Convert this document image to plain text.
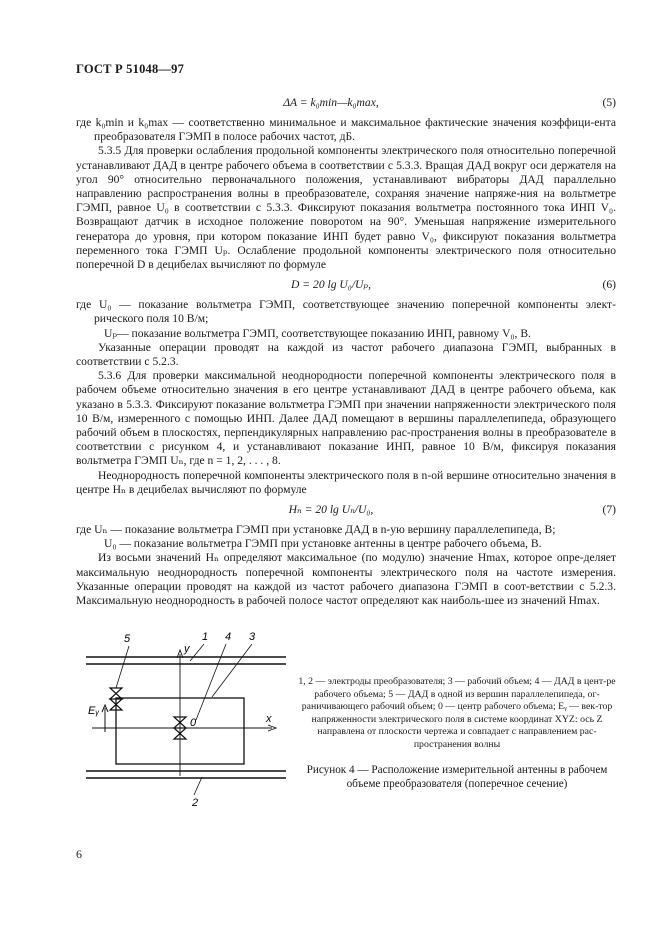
ГОСТ Р 51048—97
ΔA = k₀min—k₀max,	(5)

где k₀min и k₀max — соответственно минимальное и максимальное фактические значения коэффици-ента преобразователя ГЭМП в полосе рабочих частот, дБ.

5.3.5 Для проверки ослабления продольной компоненты электрического поля относительно поперечной устанавливают ДАД в центре рабочего объема в соответствии с 5.3.3. Вращая ДАД вокруг оси держателя на угол 90° относительно первоначального положения, устанавливают вибраторы ДАД параллельно направлению распространения волны в преобразователе, сохраняя значение напряже-ния на вольтметре ГЭМП, равное U₀ в соответствии с 5.3.3. Фиксируют показания вольтметра постоянного тока ИНП V₀. Возвращают датчик в исходное положение поворотом на 90°. Уменьшая напряжение измерительного генератора до уровня, при котором показание ИНП будет равно V₀, фиксируют показания вольтметра переменного тока ГЭМП Uₚ. Ослабление продольной компоненты электрического поля относительно поперечной D в децибелах вычисляют по формуле

D = 20 lg U₀/Uₚ,	(6)

где U₀ — показание вольтметра ГЭМП, соответствующее значению поперечной компоненты элект-рического поля 10 В/м;

Uₚ— показание вольтметра ГЭМП, соответствующее показанию ИНП, равному V₀, В.

Указанные операции проводят на каждой из частот рабочего диапазона ГЭМП, выбранных в соответствии с 5.2.3.

5.3.6 Для проверки максимальной неоднородности поперечной компоненты электрического поля в рабочем объеме относительно значения в его центре устанавливают ДАД в центре рабочего объема, как указано в 5.3.3. Фиксируют показание вольтметра ГЭМП при значении напряженности электрического поля 10 В/м, измеренного с помощью ИНП. Далее ДАД помещают в вершины параллелепипеда, образующего рабочий объем в плоскостях, перпендикулярных направлению рас-пространения волны в преобразователе в соответствии с рисунком 4, и устанавливают показание ИНП, равное 10 В/м, фиксируя показания вольтметра ГЭМП Uₙ, где n = 1, 2, . . . , 8.

Неоднородность поперечной компоненты электрического поля в n-ой вершине относительно значения в центре Hₙ в децибелах вычисляют по формуле

Hₙ = 20 lg Uₙ/U₀,	(7)

где Uₙ — показание вольтметра ГЭМП при установке ДАД в n-ую вершину параллелепипеда, В;

U₀ — показание вольтметра ГЭМП при установке антенны в центре рабочего объема, В.

Из восьми значений Hₙ определяют максимальное (по модулю) значение Hmax, которое опре-деляет максимальную неоднородность поперечной компоненты электрического поля на частоте измерения. Указанные операции проводят на каждой из частот рабочего диапазона ГЭМП в соот-ветствии с 5.2.3. Максимальную неоднородность в рабочей полосе частот определяют как наиболь-шее из значений Hmax.

5	1 4 3
2
y
x
Eᵧ
0
1, 2 — электроды преобразователя; 3 — рабочий объем; 4 — ДАД в цент-ре рабочего объема; 5 — ДАД в одной из вершин параллелепипеда, ог-раничивающего рабочий объем; 0 — центр рабочего объема; Eᵧ — век-тор напряженности электрического поля в системе координат XYZ: ось Z направлена от плоскости чертежа и совпадает с направлением рас-пространения волны
Рисунок 4 — Расположение измерительной антенны в рабочем объеме преобразователя (поперечное сечение)
6
